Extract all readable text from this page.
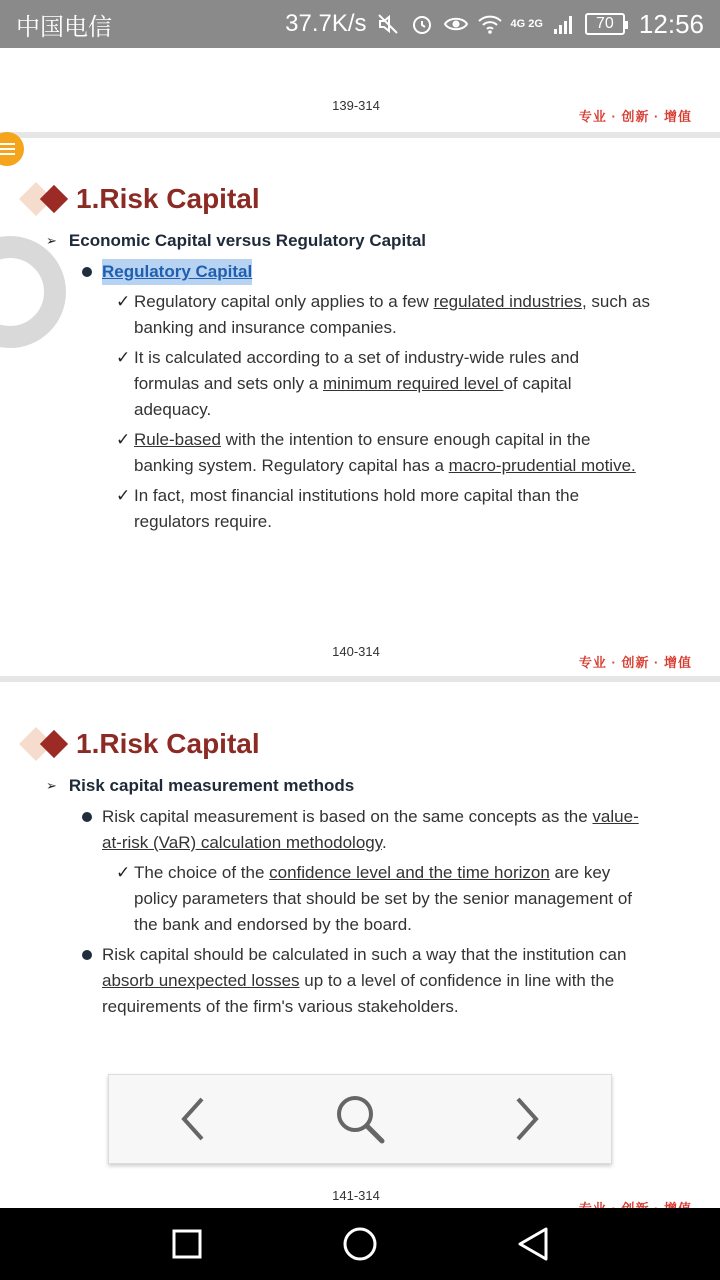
中国电信	37.7K/s	4G 2G	70 12:56
139-314
专业 · 创新 · 增值
1.Risk Capital
➢ Economic Capital versus Regulatory Capital
Regulatory Capital
✓ Regulatory capital only applies to a few regulated industries, such as
banking and insurance companies.
✓ It is calculated according to a set of industry-wide rules and
formulas and sets only a minimum required level of capital
adequacy.
✓ Rule-based with the intention to ensure enough capital in the
banking system. Regulatory capital has a macro-prudential motive.
✓ In fact, most financial institutions hold more capital than the
regulators require.
140-314
专业 · 创新 · 增值
1.Risk Capital
➢ Risk capital measurement methods
Risk capital measurement is based on the same concepts as the value-
at-risk (VaR) calculation methodology.
✓ The choice of the confidence level and the time horizon are key
policy parameters that should be set by the senior management of
the bank and endorsed by the board.
Risk capital should be calculated in such a way that the institution can
absorb unexpected losses up to a level of confidence in line with the
requirements of the firm's various stakeholders.
141-314
